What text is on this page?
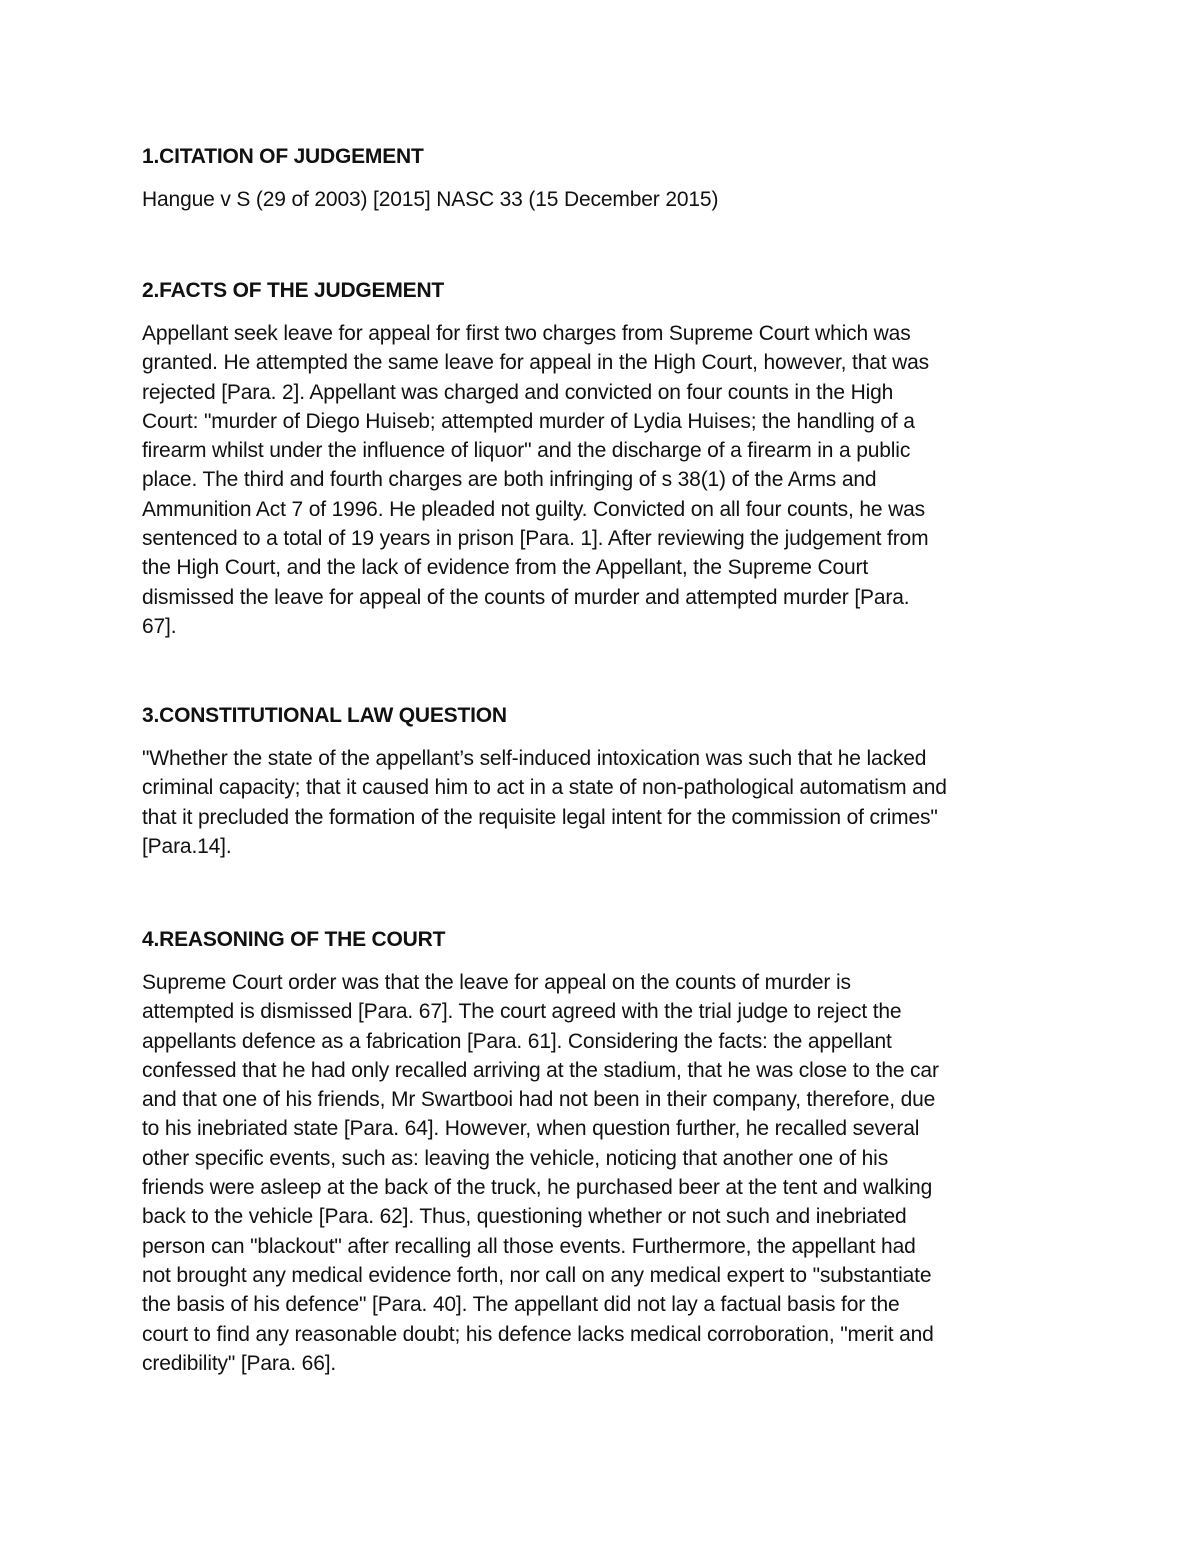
1.CITATION OF JUDGEMENT

Hangue v S (29 of 2003) [2015] NASC 33 (15 December 2015)

2.FACTS OF THE JUDGEMENT

Appellant seek leave for appeal for first two charges from Supreme Court which was
granted. He attempted the same leave for appeal in the High Court, however, that was
rejected [Para. 2]. Appellant was charged and convicted on four counts in the High
Court: "murder of Diego Huiseb; attempted murder of Lydia Huises; the handling of a
firearm whilst under the influence of liquor" and the discharge of a firearm in a public
place. The third and fourth charges are both infringing of s 38(1) of the Arms and
Ammunition Act 7 of 1996. He pleaded not guilty. Convicted on all four counts, he was
sentenced to a total of 19 years in prison [Para. 1]. After reviewing the judgement from
the High Court, and the lack of evidence from the Appellant, the Supreme Court
dismissed the leave for appeal of the counts of murder and attempted murder [Para.
67].

3.CONSTITUTIONAL LAW QUESTION

"Whether the state of the appellant’s self-induced intoxication was such that he lacked
criminal capacity; that it caused him to act in a state of non-pathological automatism and
that it precluded the formation of the requisite legal intent for the commission of crimes"
[Para.14].

4.REASONING OF THE COURT

Supreme Court order was that the leave for appeal on the counts of murder is
attempted is dismissed [Para. 67]. The court agreed with the trial judge to reject the
appellants defence as a fabrication [Para. 61]. Considering the facts: the appellant
confessed that he had only recalled arriving at the stadium, that he was close to the car
and that one of his friends, Mr Swartbooi had not been in their company, therefore, due
to his inebriated state [Para. 64]. However, when question further, he recalled several
other specific events, such as: leaving the vehicle, noticing that another one of his
friends were asleep at the back of the truck, he purchased beer at the tent and walking
back to the vehicle [Para. 62]. Thus, questioning whether or not such and inebriated
person can "blackout" after recalling all those events. Furthermore, the appellant had
not brought any medical evidence forth, nor call on any medical expert to "substantiate
the basis of his defence" [Para. 40]. The appellant did not lay a factual basis for the
court to find any reasonable doubt; his defence lacks medical corroboration, "merit and
credibility" [Para. 66].
